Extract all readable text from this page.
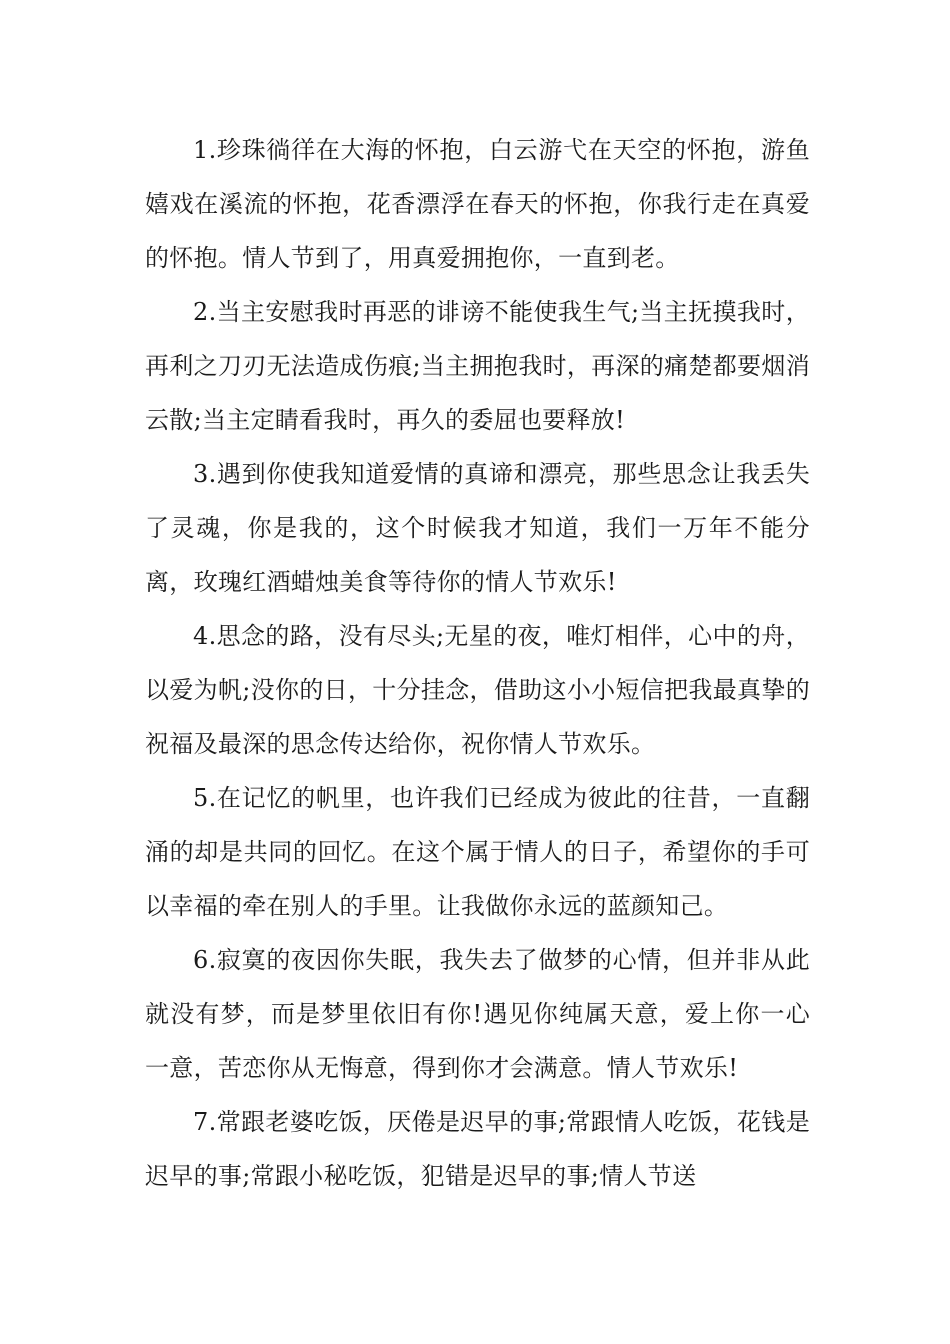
1.珍珠徜徉在大海的怀抱，白云游弋在天空的怀抱，游鱼嬉戏在溪流的怀抱，花香漂浮在春天的怀抱，你我行走在真爱的怀抱。情人节到了，用真爱拥抱你，一直到老。

2.当主安慰我时再恶的诽谤不能使我生气;当主抚摸我时，再利之刀刃无法造成伤痕;当主拥抱我时，再深的痛楚都要烟消云散;当主定睛看我时，再久的委屈也要释放!

3.遇到你使我知道爱情的真谛和漂亮，那些思念让我丢失了灵魂，你是我的，这个时候我才知道，我们一万年不能分离，玫瑰红酒蜡烛美食等待你的情人节欢乐!

4.思念的路，没有尽头;无星的夜，唯灯相伴，心中的舟，以爱为帆;没你的日，十分挂念，借助这小小短信把我最真挚的祝福及最深的思念传达给你，祝你情人节欢乐。

5.在记忆的帆里，也许我们已经成为彼此的往昔，一直翻涌的却是共同的回忆。在这个属于情人的日子，希望你的手可以幸福的牵在别人的手里。让我做你永远的蓝颜知己。

6.寂寞的夜因你失眠，我失去了做梦的心情，但并非从此就没有梦，而是梦里依旧有你!遇见你纯属天意，爱上你一心一意，苦恋你从无悔意，得到你才会满意。情人节欢乐!

7.常跟老婆吃饭，厌倦是迟早的事;常跟情人吃饭，花钱是迟早的事;常跟小秘吃饭，犯错是迟早的事;情人节送
